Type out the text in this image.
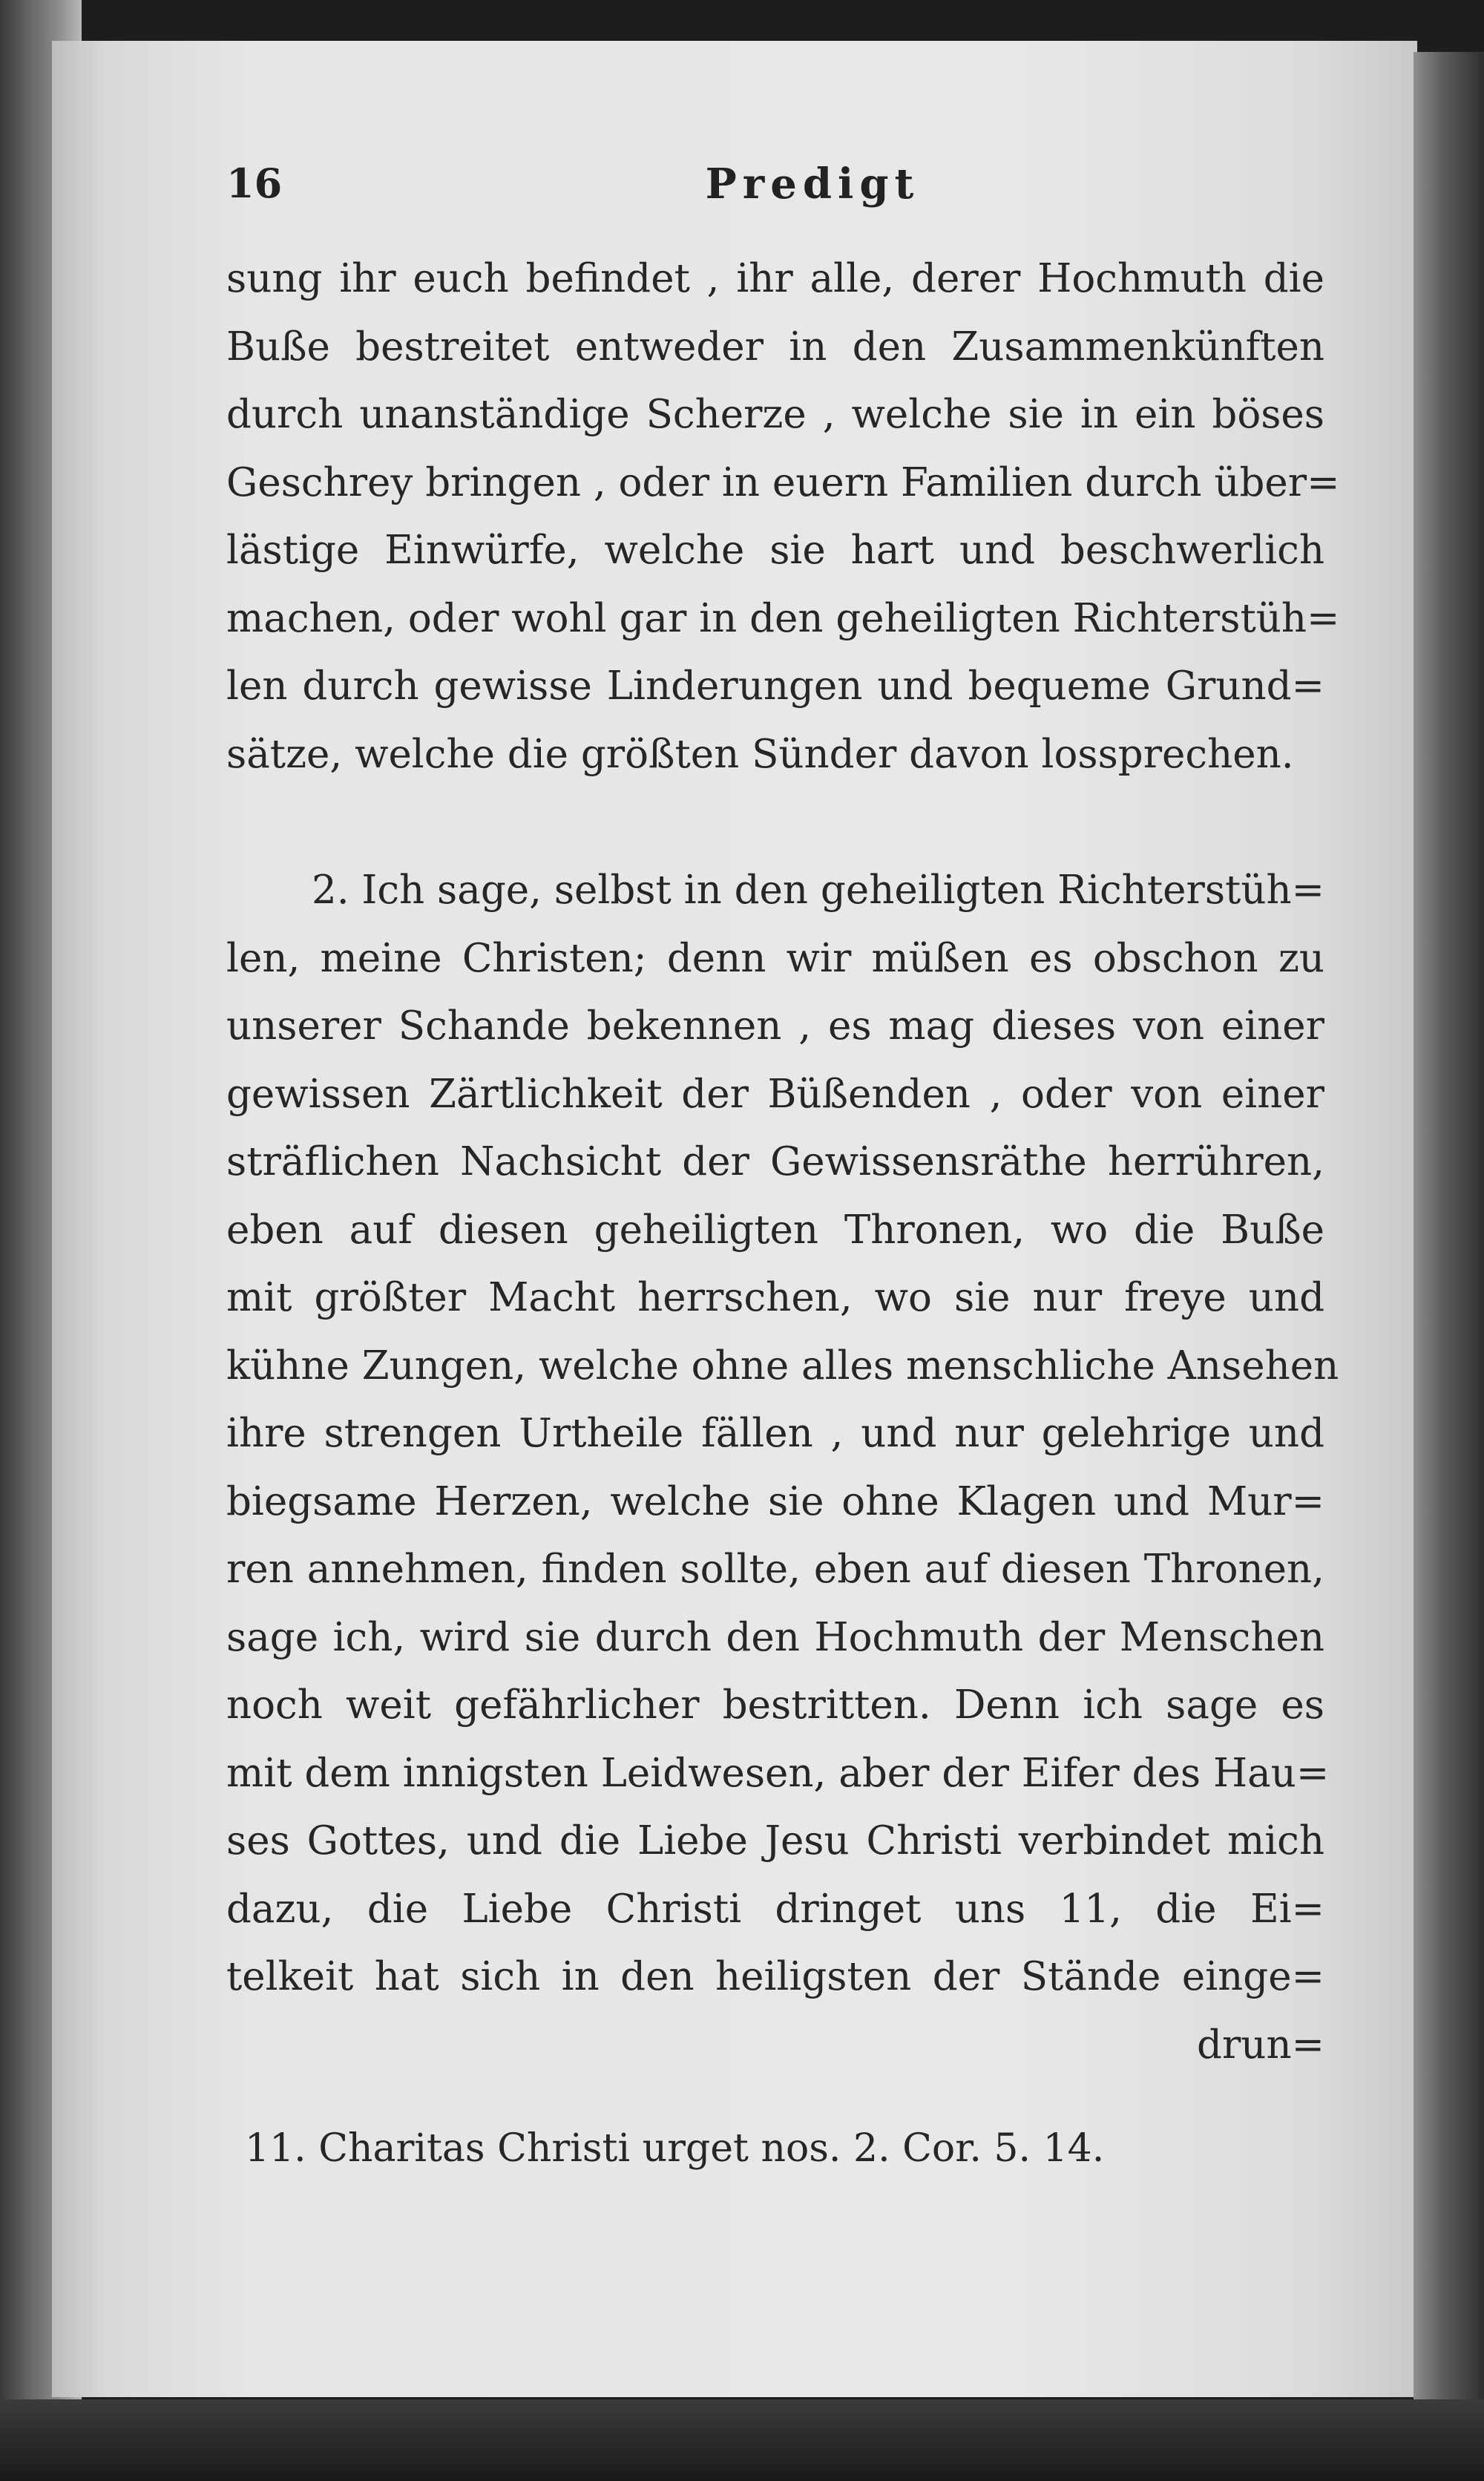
16	Predigt
sung ihr euch befindet , ihr alle, derer Hochmuth die
Buße bestreitet entweder in den Zusammenkünften
durch unanständige Scherze , welche sie in ein böses
Geschrey bringen , oder in euern Familien durch über=
lästige Einwürfe, welche sie hart und beschwerlich
machen, oder wohl gar in den geheiligten Richterstüh=
len durch gewisse Linderungen und bequeme Grund=
sätze, welche die größten Sünder davon lossprechen.
2. Ich sage, selbst in den geheiligten Richterstüh=
len, meine Christen; denn wir müßen es obschon zu
unserer Schande bekennen , es mag dieses von einer
gewissen Zärtlichkeit der Büßenden , oder von einer
sträflichen Nachsicht der Gewissensräthe herrühren,
eben auf diesen geheiligten Thronen, wo die Buße
mit größter Macht herrschen, wo sie nur freye und
kühne Zungen, welche ohne alles menschliche Ansehen
ihre strengen Urtheile fällen , und nur gelehrige und
biegsame Herzen, welche sie ohne Klagen und Mur=
ren annehmen, finden sollte, eben auf diesen Thronen,
sage ich, wird sie durch den Hochmuth der Menschen
noch weit gefährlicher bestritten. Denn ich sage es
mit dem innigsten Leidwesen, aber der Eifer des Hau=
ses Gottes, und die Liebe Jesu Christi verbindet mich
dazu, die Liebe Christi dringet uns 11, die Ei=
telkeit hat sich in den heiligsten der Stände einge=
drun=
11. Charitas Christi urget nos. 2. Cor. 5. 14.
